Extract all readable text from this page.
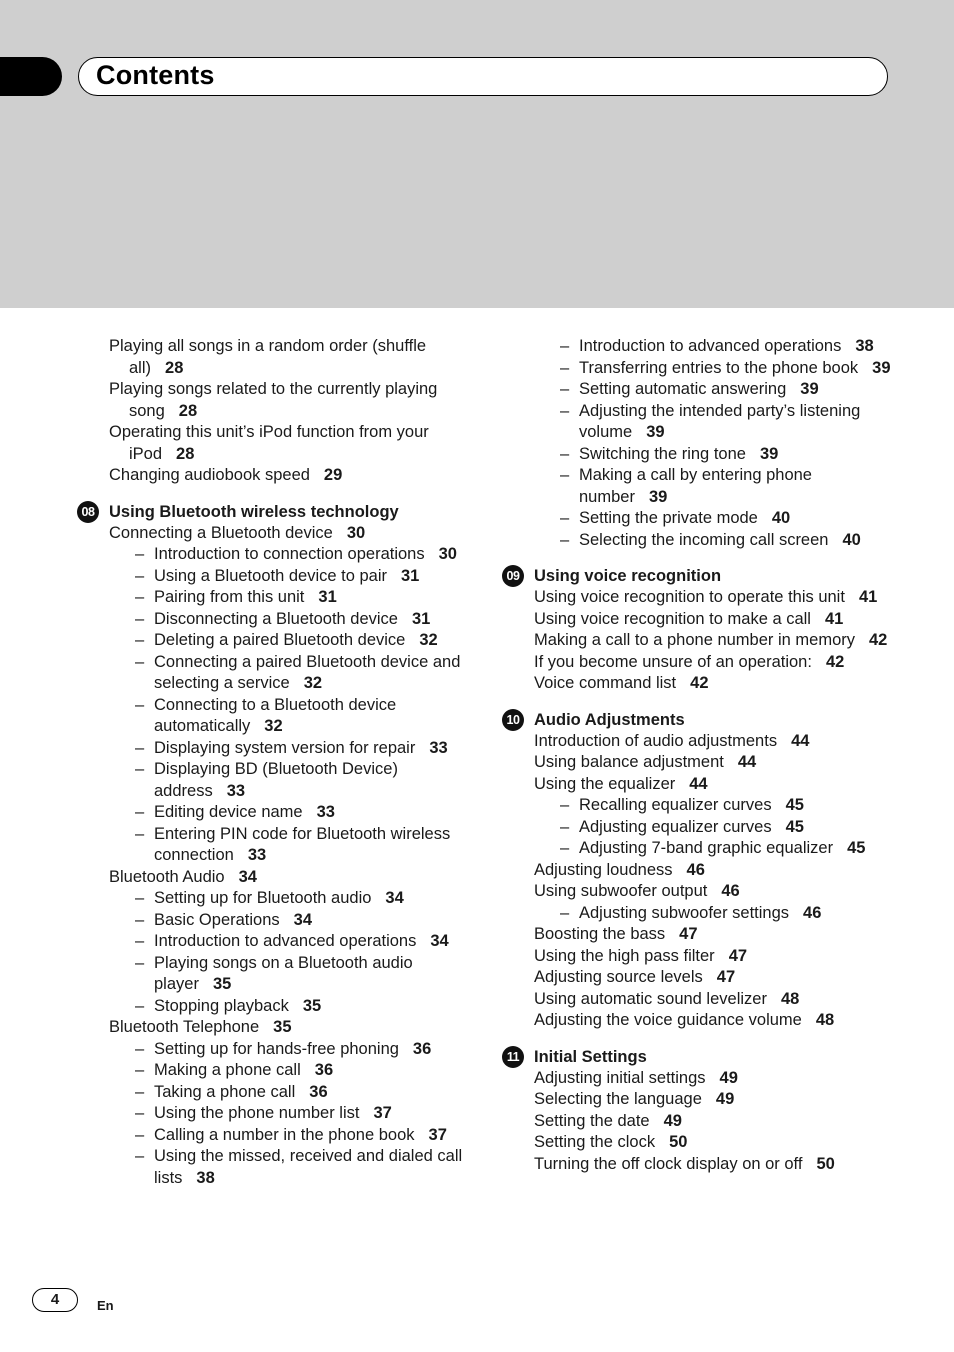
Contents
Playing all songs in a random order (shuffle all) 28
Playing songs related to the currently playing song 28
Operating this unit’s iPod function from your iPod 28
Changing audiobook speed 29
08 Using Bluetooth wireless technology
Connecting a Bluetooth device 30
– Introduction to connection operations 30
– Using a Bluetooth device to pair 31
– Pairing from this unit 31
– Disconnecting a Bluetooth device 31
– Deleting a paired Bluetooth device 32
– Connecting a paired Bluetooth device and selecting a service 32
– Connecting to a Bluetooth device automatically 32
– Displaying system version for repair 33
– Displaying BD (Bluetooth Device) address 33
– Editing device name 33
– Entering PIN code for Bluetooth wireless connection 33
Bluetooth Audio 34
– Setting up for Bluetooth audio 34
– Basic Operations 34
– Introduction to advanced operations 34
– Playing songs on a Bluetooth audio player 35
– Stopping playback 35
Bluetooth Telephone 35
– Setting up for hands-free phoning 36
– Making a phone call 36
– Taking a phone call 36
– Using the phone number list 37
– Calling a number in the phone book 37
– Using the missed, received and dialed call lists 38
– Introduction to advanced operations 38
– Transferring entries to the phone book 39
– Setting automatic answering 39
– Adjusting the intended party’s listening volume 39
– Switching the ring tone 39
– Making a call by entering phone number 39
– Setting the private mode 40
– Selecting the incoming call screen 40
09 Using voice recognition
Using voice recognition to operate this unit 41
Using voice recognition to make a call 41
Making a call to a phone number in memory 42
If you become unsure of an operation: 42
Voice command list 42
10 Audio Adjustments
Introduction of audio adjustments 44
Using balance adjustment 44
Using the equalizer 44
– Recalling equalizer curves 45
– Adjusting equalizer curves 45
– Adjusting 7-band graphic equalizer 45
Adjusting loudness 46
Using subwoofer output 46
– Adjusting subwoofer settings 46
Boosting the bass 47
Using the high pass filter 47
Adjusting source levels 47
Using automatic sound levelizer 48
Adjusting the voice guidance volume 48
11 Initial Settings
Adjusting initial settings 49
Selecting the language 49
Setting the date 49
Setting the clock 50
Turning the off clock display on or off 50
4	En
